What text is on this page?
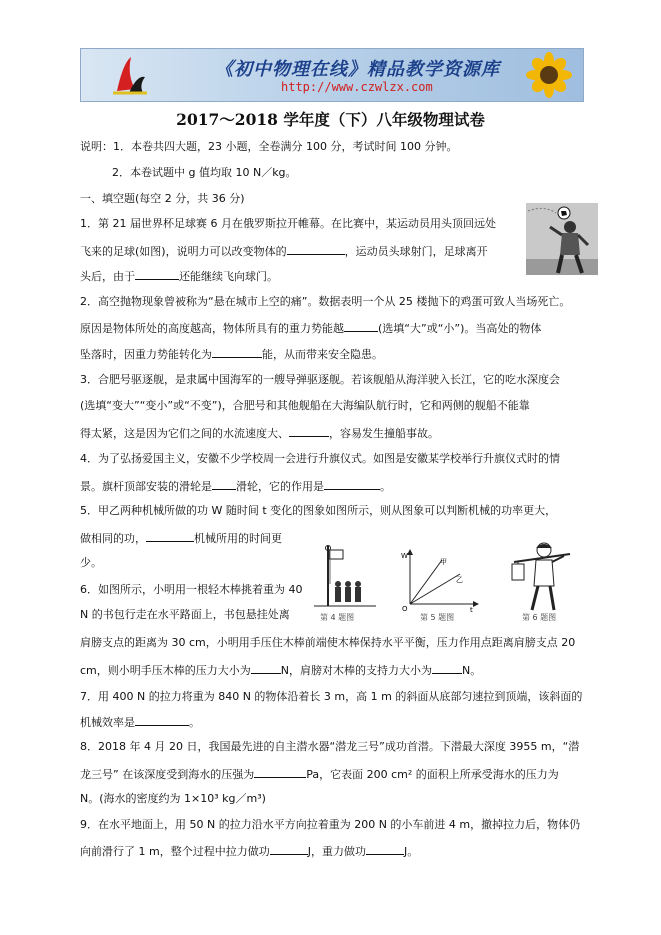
《初中物理在线》精品教学资源库
http://www.czwlzx.com
2017～2018 学年度（下）八年级物理试卷
说明：1．本卷共四大题，23 小题，全卷满分 100 分，考试时间 100 分钟。
2．本卷试题中 g 值均取 10 N／kg。
一、填空题(每空 2 分，共 36 分)
1．第 21 届世界杯足球赛 6 月在俄罗斯拉开帷幕。在比赛中，某运动员用头顶回远处
飞来的足球(如图)，说明力可以改变物体的	，运动员头球射门，足球离开
头后，由于	还能继续飞向球门。
2．高空抛物现象曾被称为“悬在城市上空的痛”。数据表明一个从 25 楼抛下的鸡蛋可致人当场死亡。
原因是物体所处的高度越高，物体所具有的重力势能越	(选填“大”或“小”)。当高处的物体
坠落时，因重力势能转化为	能，从而带来安全隐患。
3．合肥号驱逐舰，是隶属中国海军的一艘导弹驱逐舰。若该舰船从海洋驶入长江，它的吃水深度会
(选填“变大”“变小”或“不变”)，合肥号和其他舰船在大海编队航行时，它和两侧的舰船不能靠
得太紧，这是因为它们之间的水流速度大、	，容易发生撞船事故。
4．为了弘扬爱国主义，安徽不少学校周一会进行升旗仪式。如图是安徽某学校举行升旗仪式时的情
景。旗杆顶部安装的滑轮是 滑轮，它的作用是	。
5．甲乙两种机械所做的功 W 随时间 t 变化的图象如图所示，则从图象可以判断机械的功率更大，
做相同的功，	机械所用的时间更
少。
第 4 题图
W
t
O
甲
乙
第 5 题图	第 6 题图
6．如图所示，小明用一根轻木棒挑着重为 40
N 的书包行走在水平路面上，书包悬挂处离
肩膀支点的距离为 30 cm，小明用手压住木棒前端使木棒保持水平平衡，压力作用点距离肩膀支点 20
cm，则小明手压木棒的压力大小为	N，肩膀对木棒的支持力大小为	N。
7．用 400 N 的拉力将重为 840 N 的物体沿着长 3 m，高 1 m 的斜面从底部匀速拉到顶端，该斜面的
机械效率是	。
8．2018 年 4 月 20 日，我国最先进的自主潜水器“潜龙三号”成功首潜。下潜最大深度 3955 m，“潜
龙三号” 在该深度受到海水的压强为	Pa，它表面 200 cm² 的面积上所承受海水的压力为
N。(海水的密度约为 1×10³ kg／m³)
9．在水平地面上，用 50 N 的拉力沿水平方向拉着重为 200 N 的小车前进 4 m，撤掉拉力后，物体仍
向前滑行了 1 m，整个过程中拉力做功	J，重力做功	J。
